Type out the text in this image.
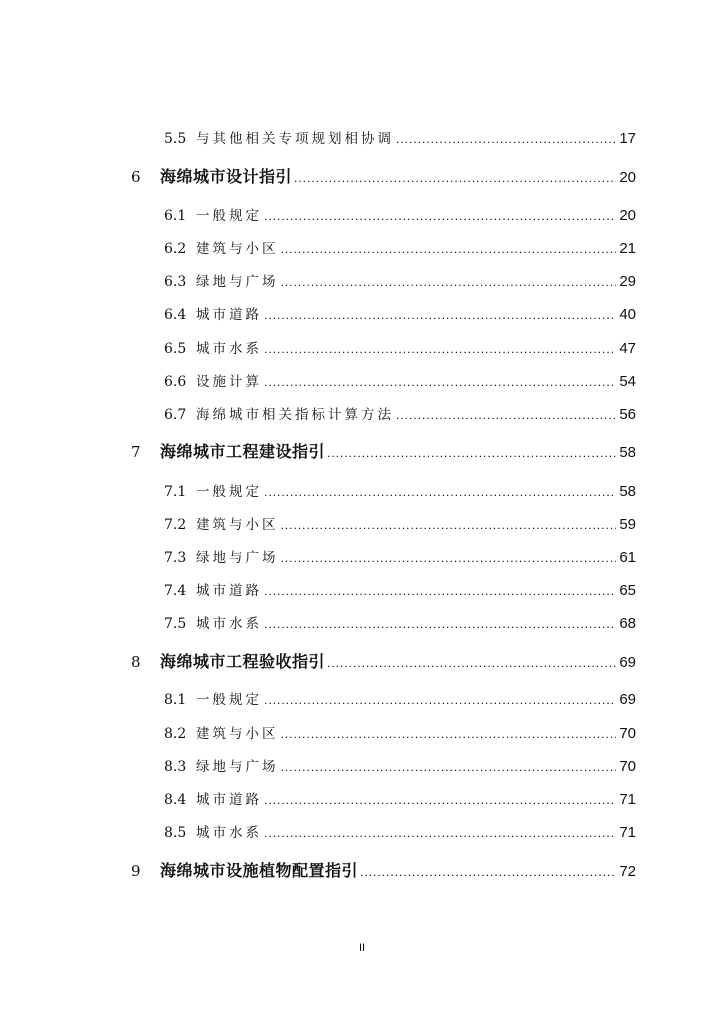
5.5 与其他相关专项规划相协调 .....	17
6 海绵城市设计指引 .....	20
6.1 一般规定 .....	20
6.2 建筑与小区 .....	21
6.3 绿地与广场 .....	29
6.4 城市道路 .....	40
6.5 城市水系 .....	47
6.6 设施计算 .....	54
6.7 海绵城市相关指标计算方法 .....	56
7 海绵城市工程建设指引 .....	58
7.1 一般规定 .....	58
7.2 建筑与小区 .....	59
7.3 绿地与广场 .....	61
7.4 城市道路 .....	65
7.5 城市水系 .....	68
8 海绵城市工程验收指引 .....	69
8.1 一般规定 .....	69
8.2 建筑与小区 .....	70
8.3 绿地与广场 .....	70
8.4 城市道路 .....	71
8.5 城市水系 .....	71
9 海绵城市设施植物配置指引 .....	72
II
